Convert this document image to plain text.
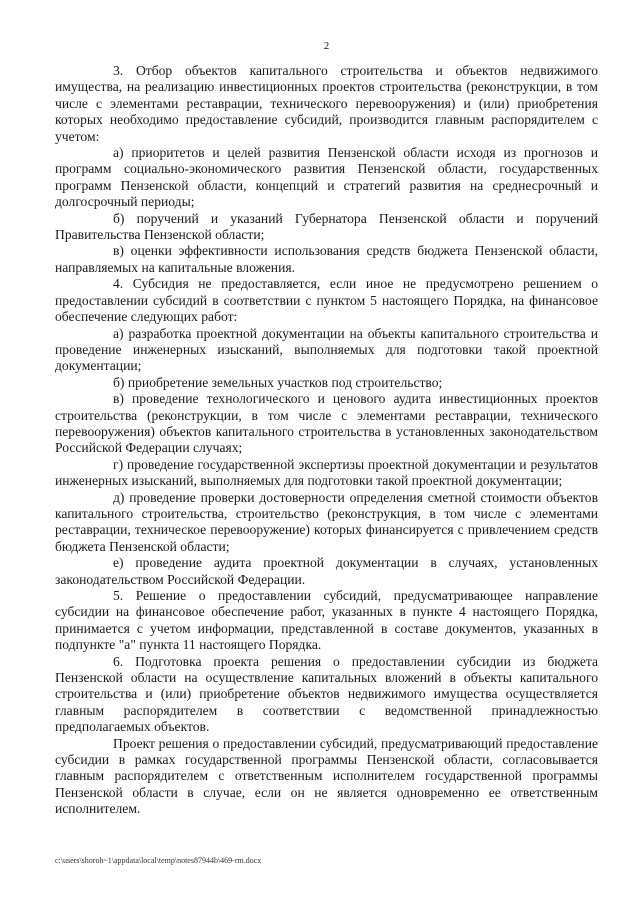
2

3. Отбор объектов капитального строительства и объектов недвижимого имущества, на реализацию инвестиционных проектов строительства (реконструкции, в том числе с элементами реставрации, технического перевооружения) и (или) приобретения которых необходимо предоставление субсидий, производится главным распорядителем с учетом:

а) приоритетов и целей развития Пензенской области исходя из прогнозов и программ социально-экономического развития Пензенской области, государственных программ Пензенской области, концепций и стратегий развития на среднесрочный и долгосрочный периоды;

б) поручений и указаний Губернатора Пензенской области и поручений Правительства Пензенской области;

в) оценки эффективности использования средств бюджета Пензенской области, направляемых на капитальные вложения.

4. Субсидия не предоставляется, если иное не предусмотрено решением о предоставлении субсидий в соответствии с пунктом 5 настоящего Порядка, на финансовое обеспечение следующих работ:

а) разработка проектной документации на объекты капитального строительства и проведение инженерных изысканий, выполняемых для подготовки такой проектной документации;

б) приобретение земельных участков под строительство;

в) проведение технологического и ценового аудита инвестиционных проектов строительства (реконструкции, в том числе с элементами реставрации, технического перевооружения) объектов капитального строительства в установленных законодательством Российской Федерации случаях;

г) проведение государственной экспертизы проектной документации и результатов инженерных изысканий, выполняемых для подготовки такой проектной документации;

д) проведение проверки достоверности определения сметной стоимости объектов капитального строительства, строительство (реконструкция, в том числе с элементами реставрации, техническое перевооружение) которых финансируется с привлечением средств бюджета Пензенской области;

е) проведение аудита проектной документации в случаях, установленных законодательством Российской Федерации.

5. Решение о предоставлении субсидий, предусматривающее направление субсидии на финансовое обеспечение работ, указанных в пункте 4 настоящего Порядка, принимается с учетом информации, представленной в составе документов, указанных в подпункте "а" пункта 11 настоящего Порядка.

6. Подготовка проекта решения о предоставлении субсидии из бюджета Пензенской области на осуществление капитальных вложений в объекты капитального строительства и (или) приобретение объектов недвижимого имущества осуществляется главным распорядителем в соответствии с ведомственной принадлежностью предполагаемых объектов.

Проект решения о предоставлении субсидий, предусматривающий предоставление субсидии в рамках государственной программы Пензенской области, согласовывается главным распорядителем с ответственным исполнителем государственной программы Пензенской области в случае, если он не является одновременно ее ответственным исполнителем.

c:\users\shoroh~1\appdata\local\temp\notes87944b\469-rm.docx
